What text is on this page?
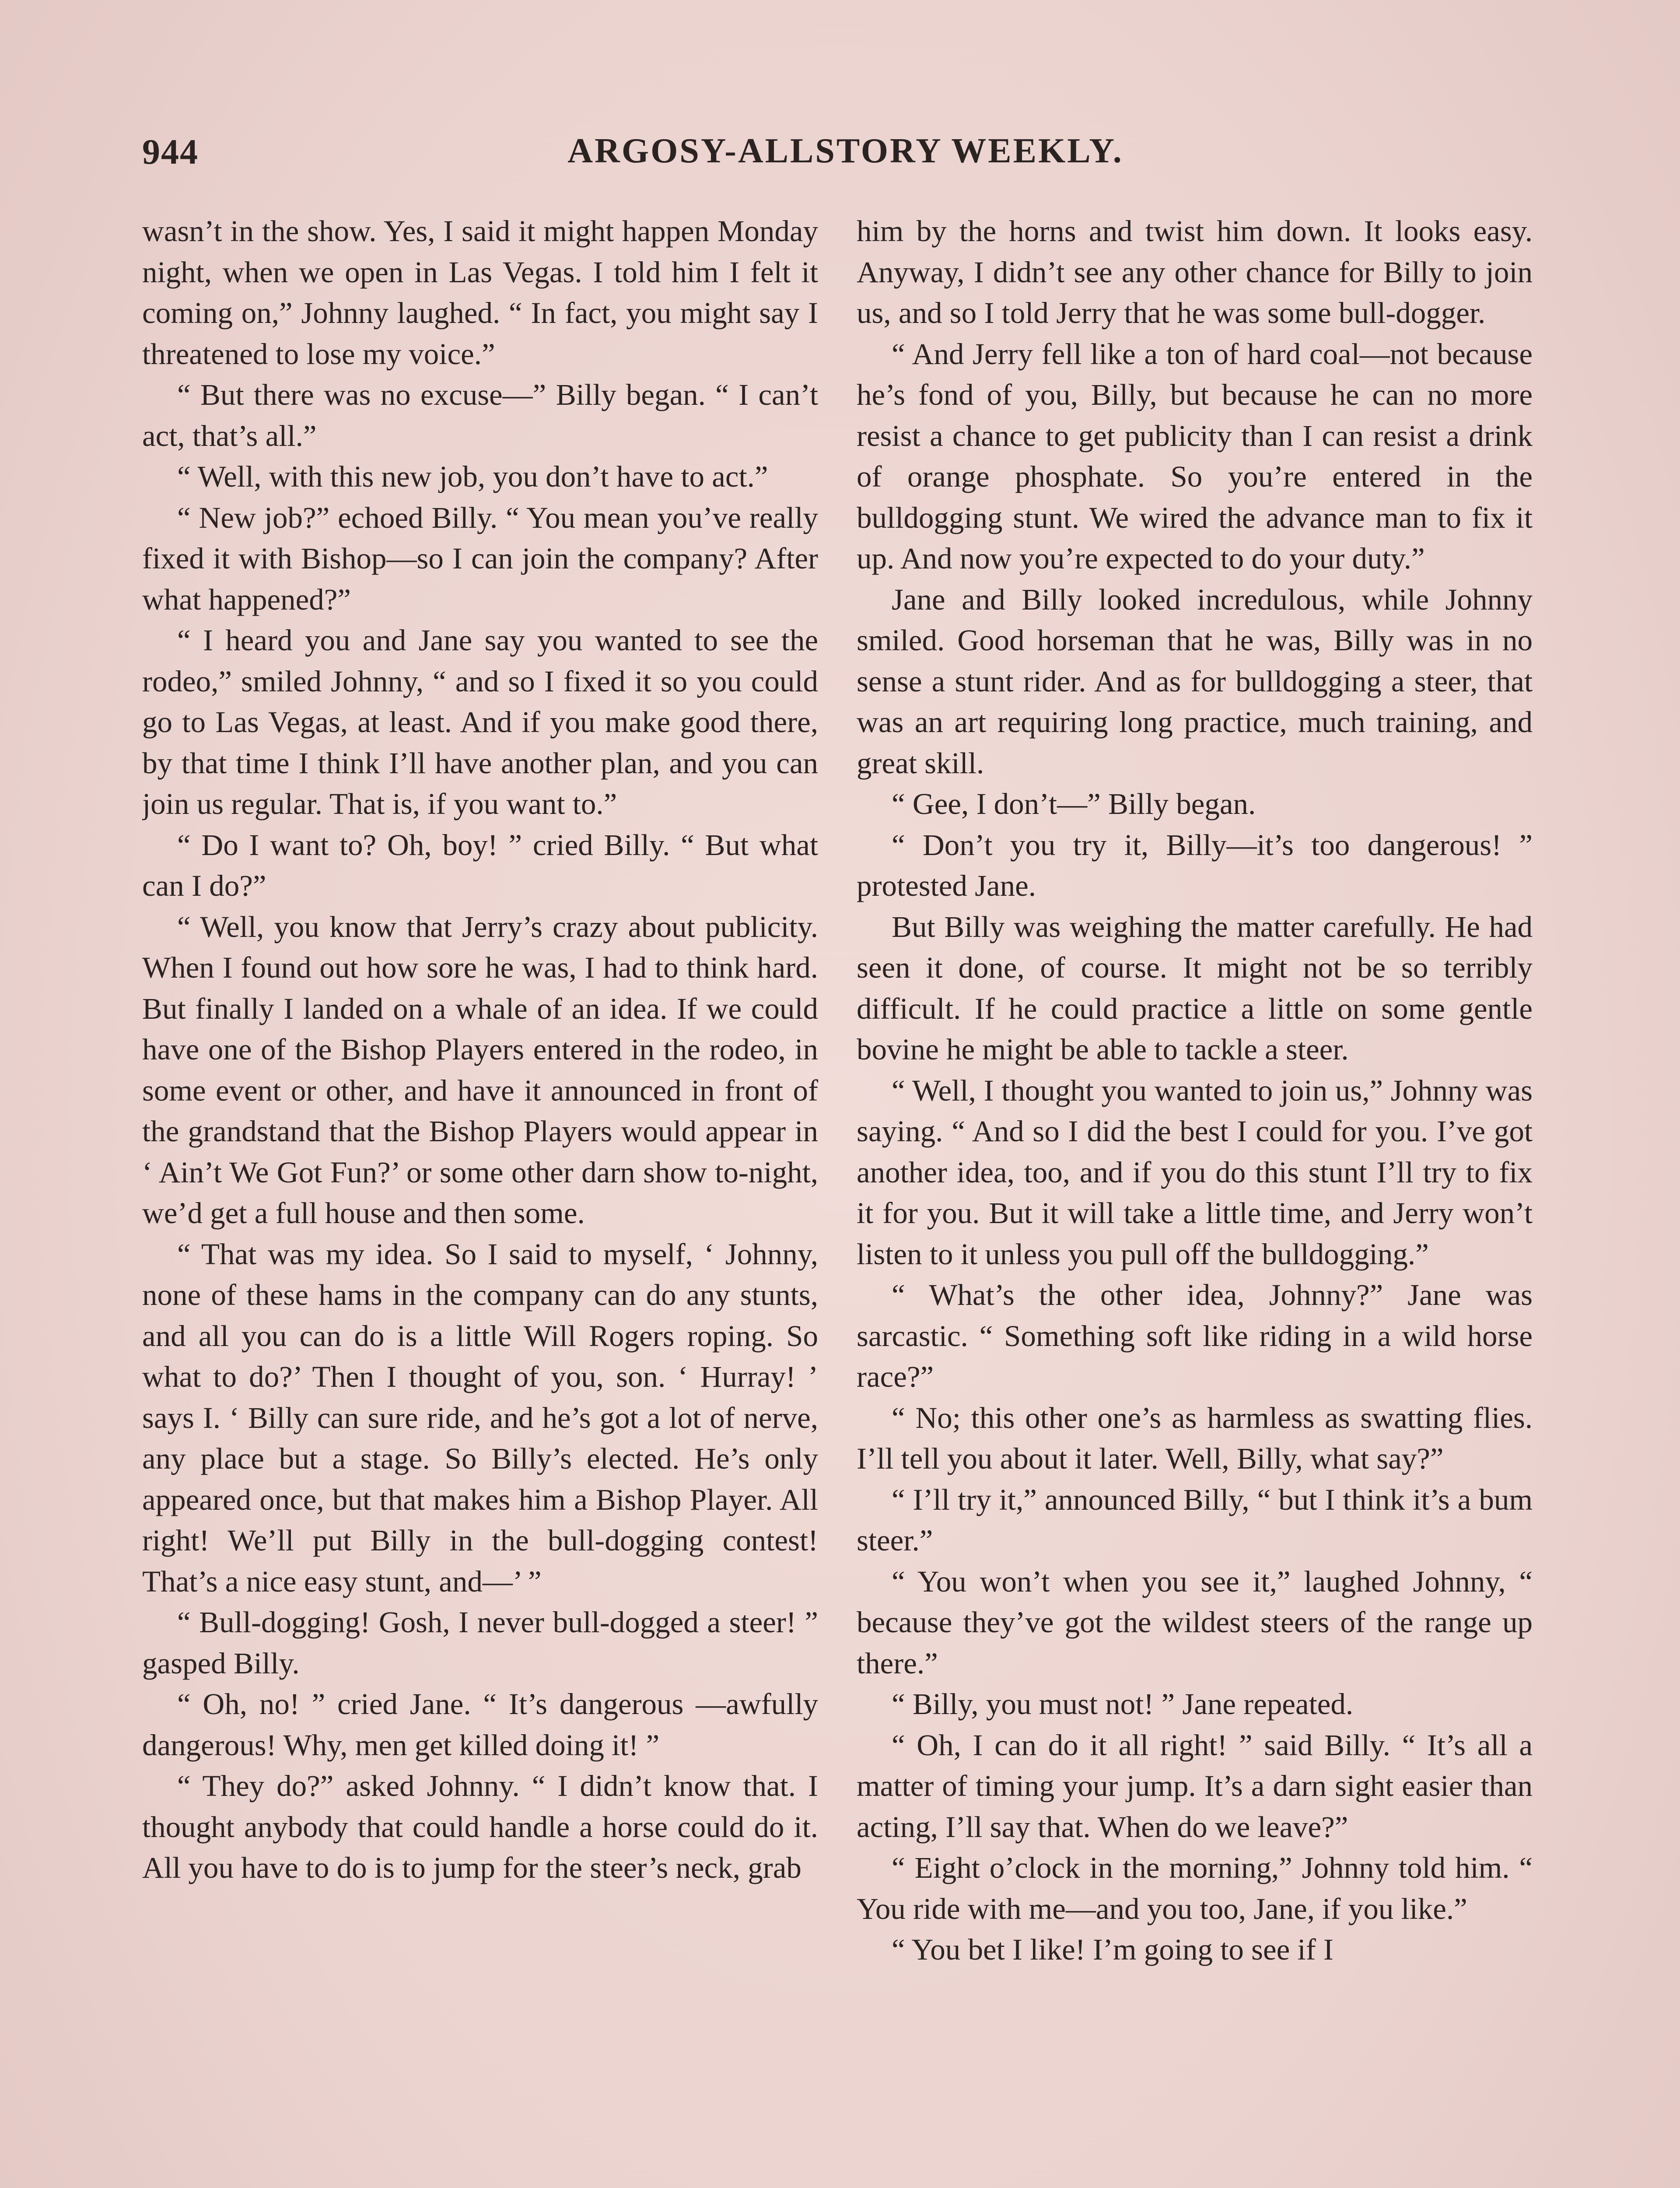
944	ARGOSY-ALLSTORY WEEKLY.

wasn’t in the show. Yes, I said it might happen Monday night, when we open in Las Vegas. I told him I felt it coming on,” Johnny laughed. “ In fact, you might say I threatened to lose my voice.”

“ But there was no excuse—” Billy began. “ I can’t act, that’s all.”

“ Well, with this new job, you don’t have to act.”

“ New job?” echoed Billy. “ You mean you’ve really fixed it with Bishop—so I can join the company? After what happened?”

“ I heard you and Jane say you wanted to see the rodeo,” smiled Johnny, “ and so I fixed it so you could go to Las Vegas, at least. And if you make good there, by that time I think I’ll have another plan, and you can join us regular. That is, if you want to.”

“ Do I want to? Oh, boy! ” cried Billy. “ But what can I do?”

“ Well, you know that Jerry’s crazy about publicity. When I found out how sore he was, I had to think hard. But finally I landed on a whale of an idea. If we could have one of the Bishop Players entered in the rodeo, in some event or other, and have it announced in front of the grandstand that the Bishop Players would appear in ‘ Ain’t We Got Fun?’ or some other darn show to-night, we’d get a full house and then some.

“ That was my idea. So I said to myself, ‘ Johnny, none of these hams in the company can do any stunts, and all you can do is a little Will Rogers roping. So what to do?’ Then I thought of you, son. ‘ Hurray! ’ says I. ‘ Billy can sure ride, and he’s got a lot of nerve, any place but a stage. So Billy’s elected. He’s only appeared once, but that makes him a Bishop Player. All right! We’ll put Billy in the bull-dogging contest! That’s a nice easy stunt, and—’ ”

“ Bull-dogging! Gosh, I never bull-dogged a steer! ” gasped Billy.

“ Oh, no! ” cried Jane. “ It’s dangerous —awfully dangerous! Why, men get killed doing it! ”

“ They do?” asked Johnny. “ I didn’t know that. I thought anybody that could handle a horse could do it. All you have to do is to jump for the steer’s neck, grab

him by the horns and twist him down. It looks easy. Anyway, I didn’t see any other chance for Billy to join us, and so I told Jerry that he was some bull-dogger.

“ And Jerry fell like a ton of hard coal—not because he’s fond of you, Billy, but because he can no more resist a chance to get publicity than I can resist a drink of orange phosphate. So you’re entered in the bulldogging stunt. We wired the advance man to fix it up. And now you’re expected to do your duty.”

Jane and Billy looked incredulous, while Johnny smiled. Good horseman that he was, Billy was in no sense a stunt rider. And as for bulldogging a steer, that was an art requiring long practice, much training, and great skill.

“ Gee, I don’t—” Billy began.

“ Don’t you try it, Billy—it’s too dangerous! ” protested Jane.

But Billy was weighing the matter carefully. He had seen it done, of course. It might not be so terribly difficult. If he could practice a little on some gentle bovine he might be able to tackle a steer.

“ Well, I thought you wanted to join us,” Johnny was saying. “ And so I did the best I could for you. I’ve got another idea, too, and if you do this stunt I’ll try to fix it for you. But it will take a little time, and Jerry won’t listen to it unless you pull off the bulldogging.”

“ What’s the other idea, Johnny?” Jane was sarcastic. “ Something soft like riding in a wild horse race?”

“ No; this other one’s as harmless as swatting flies. I’ll tell you about it later. Well, Billy, what say?”

“ I’ll try it,” announced Billy, “ but I think it’s a bum steer.”

“ You won’t when you see it,” laughed Johnny, “ because they’ve got the wildest steers of the range up there.”

“ Billy, you must not! ” Jane repeated.

“ Oh, I can do it all right! ” said Billy. “ It’s all a matter of timing your jump. It’s a darn sight easier than acting, I’ll say that. When do we leave?”

“ Eight o’clock in the morning,” Johnny told him. “ You ride with me—and you too, Jane, if you like.”

“ You bet I like! I’m going to see if I
